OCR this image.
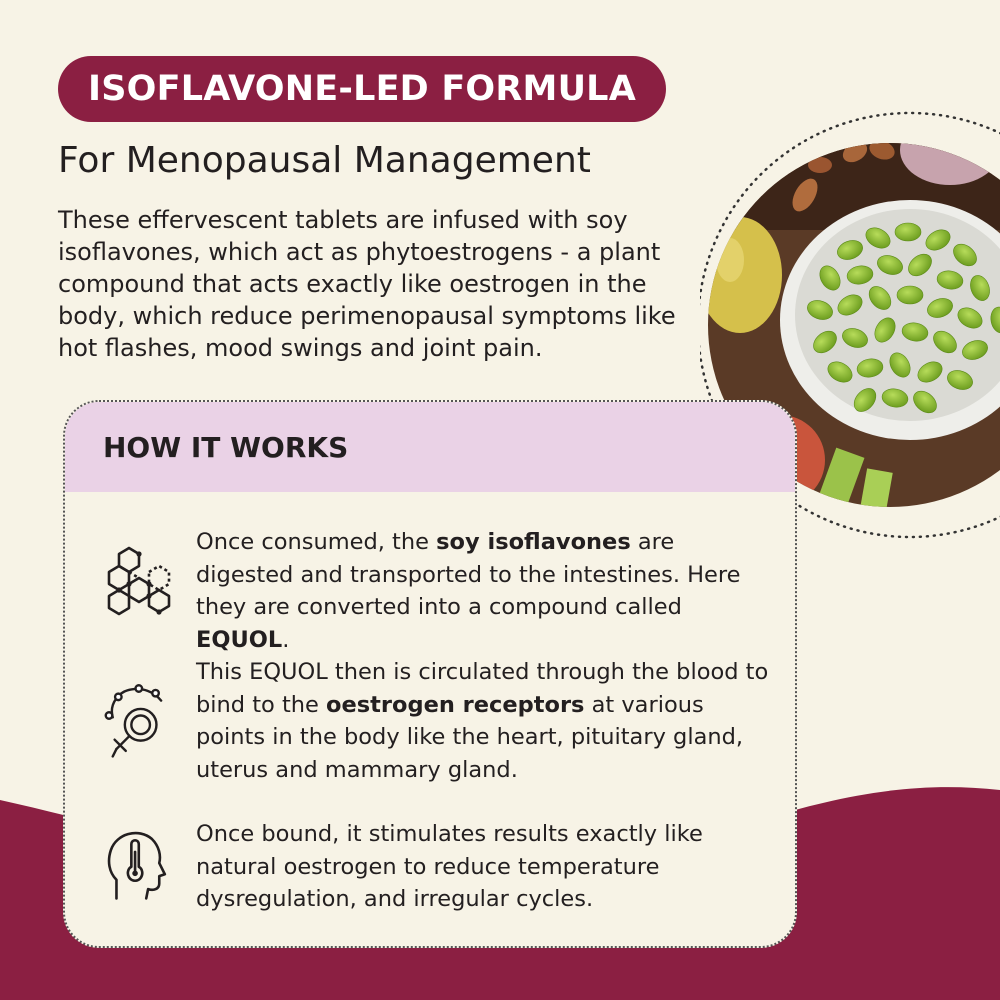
ISOFLAVONE-LED FORMULA
For Menopausal Management
These effervescent tablets are infused with soy isoflavones, which act as phytoestrogens - a plant compound that acts exactly like oestrogen in the body, which reduce perimenopausal symptoms like hot flashes, mood swings and joint pain.
HOW IT WORKS
Once consumed, the soy isoflavones are digested and transported to the intestines. Here they are converted into a compound called EQUOL.
This EQUOL then is circulated through the blood to bind to the oestrogen receptors at various points in the body like the heart, pituitary gland, uterus and mammary gland.
Once bound, it stimulates results exactly like natural oestrogen to reduce temperature dysregulation, and irregular cycles.
